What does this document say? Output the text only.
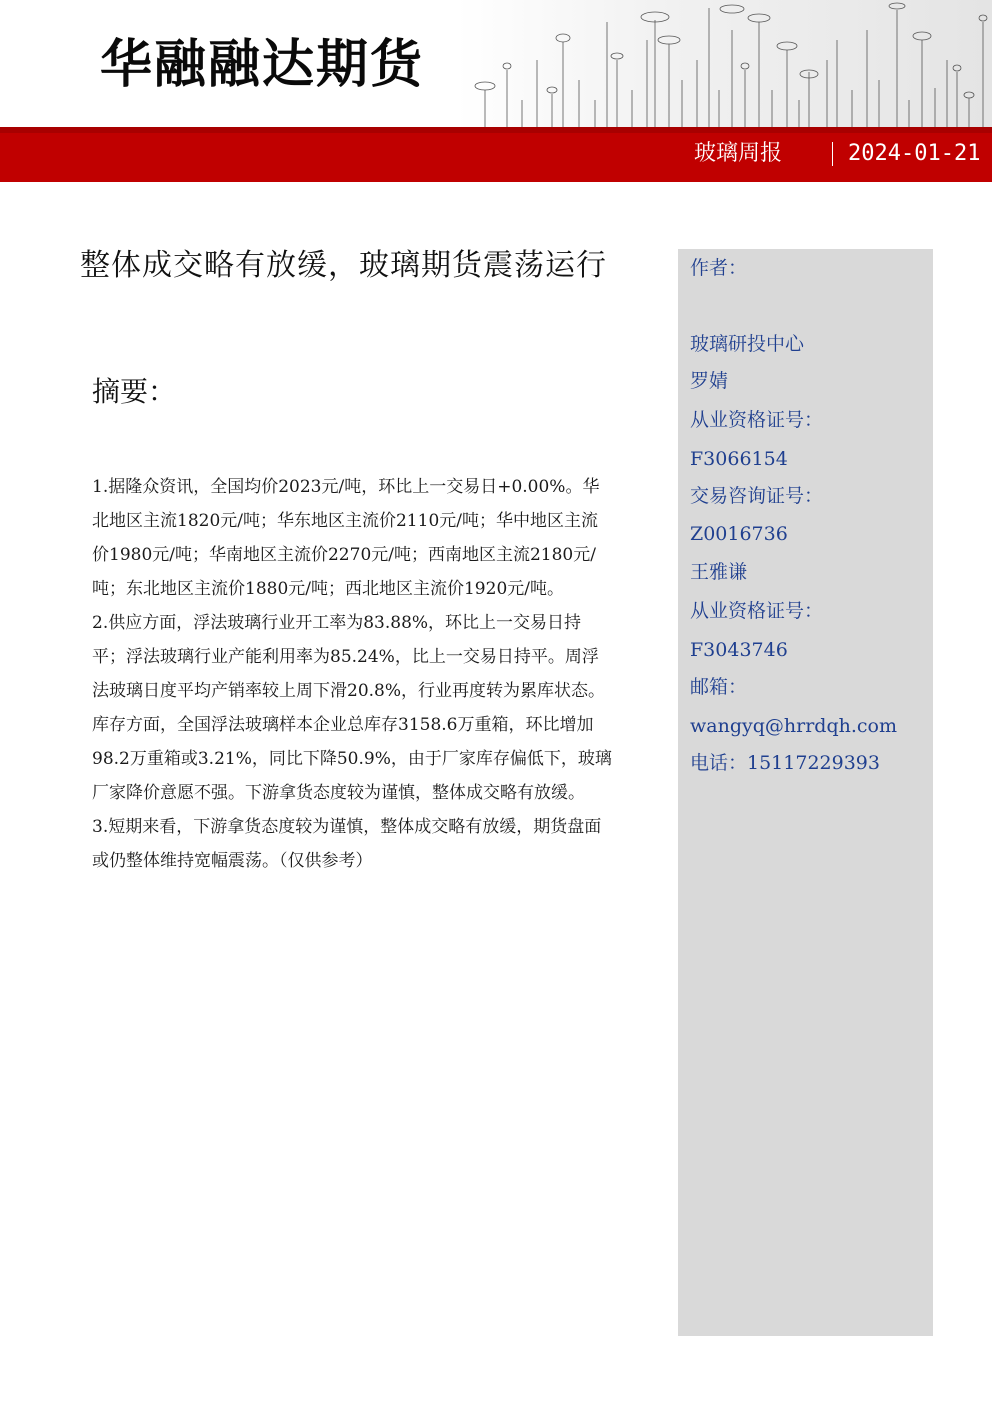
华融融达期货
玻璃周报	2024-01-21
整体成交略有放缓，玻璃期货震荡运行
摘要：

1.据隆众资讯，全国均价2023元/吨，环比上一交易日+0.00%。华北地区主流1820元/吨；华东地区主流价2110元/吨；华中地区主流价1980元/吨；华南地区主流价2270元/吨；西南地区主流2180元/吨；东北地区主流价1880元/吨；西北地区主流价1920元/吨。

2.供应方面，浮法玻璃行业开工率为83.88%，环比上一交易日持平；浮法玻璃行业产能利用率为85.24%，比上一交易日持平。周浮法玻璃日度平均产销率较上周下滑20.8%，行业再度转为累库状态。库存方面，全国浮法玻璃样本企业总库存3158.6万重箱，环比增加98.2万重箱或3.21%，同比下降50.9%，由于厂家库存偏低下，玻璃厂家降价意愿不强。下游拿货态度较为谨慎，整体成交略有放缓。

3.短期来看，下游拿货态度较为谨慎，整体成交略有放缓，期货盘面或仍整体维持宽幅震荡。（仅供参考）

作者：
玻璃研投中心
罗婧
从业资格证号：
F3066154
交易咨询证号：
Z0016736
王雅谦
从业资格证号：
F3043746
邮箱：
wangyq@hrrdqh.com
电话：15117229393
